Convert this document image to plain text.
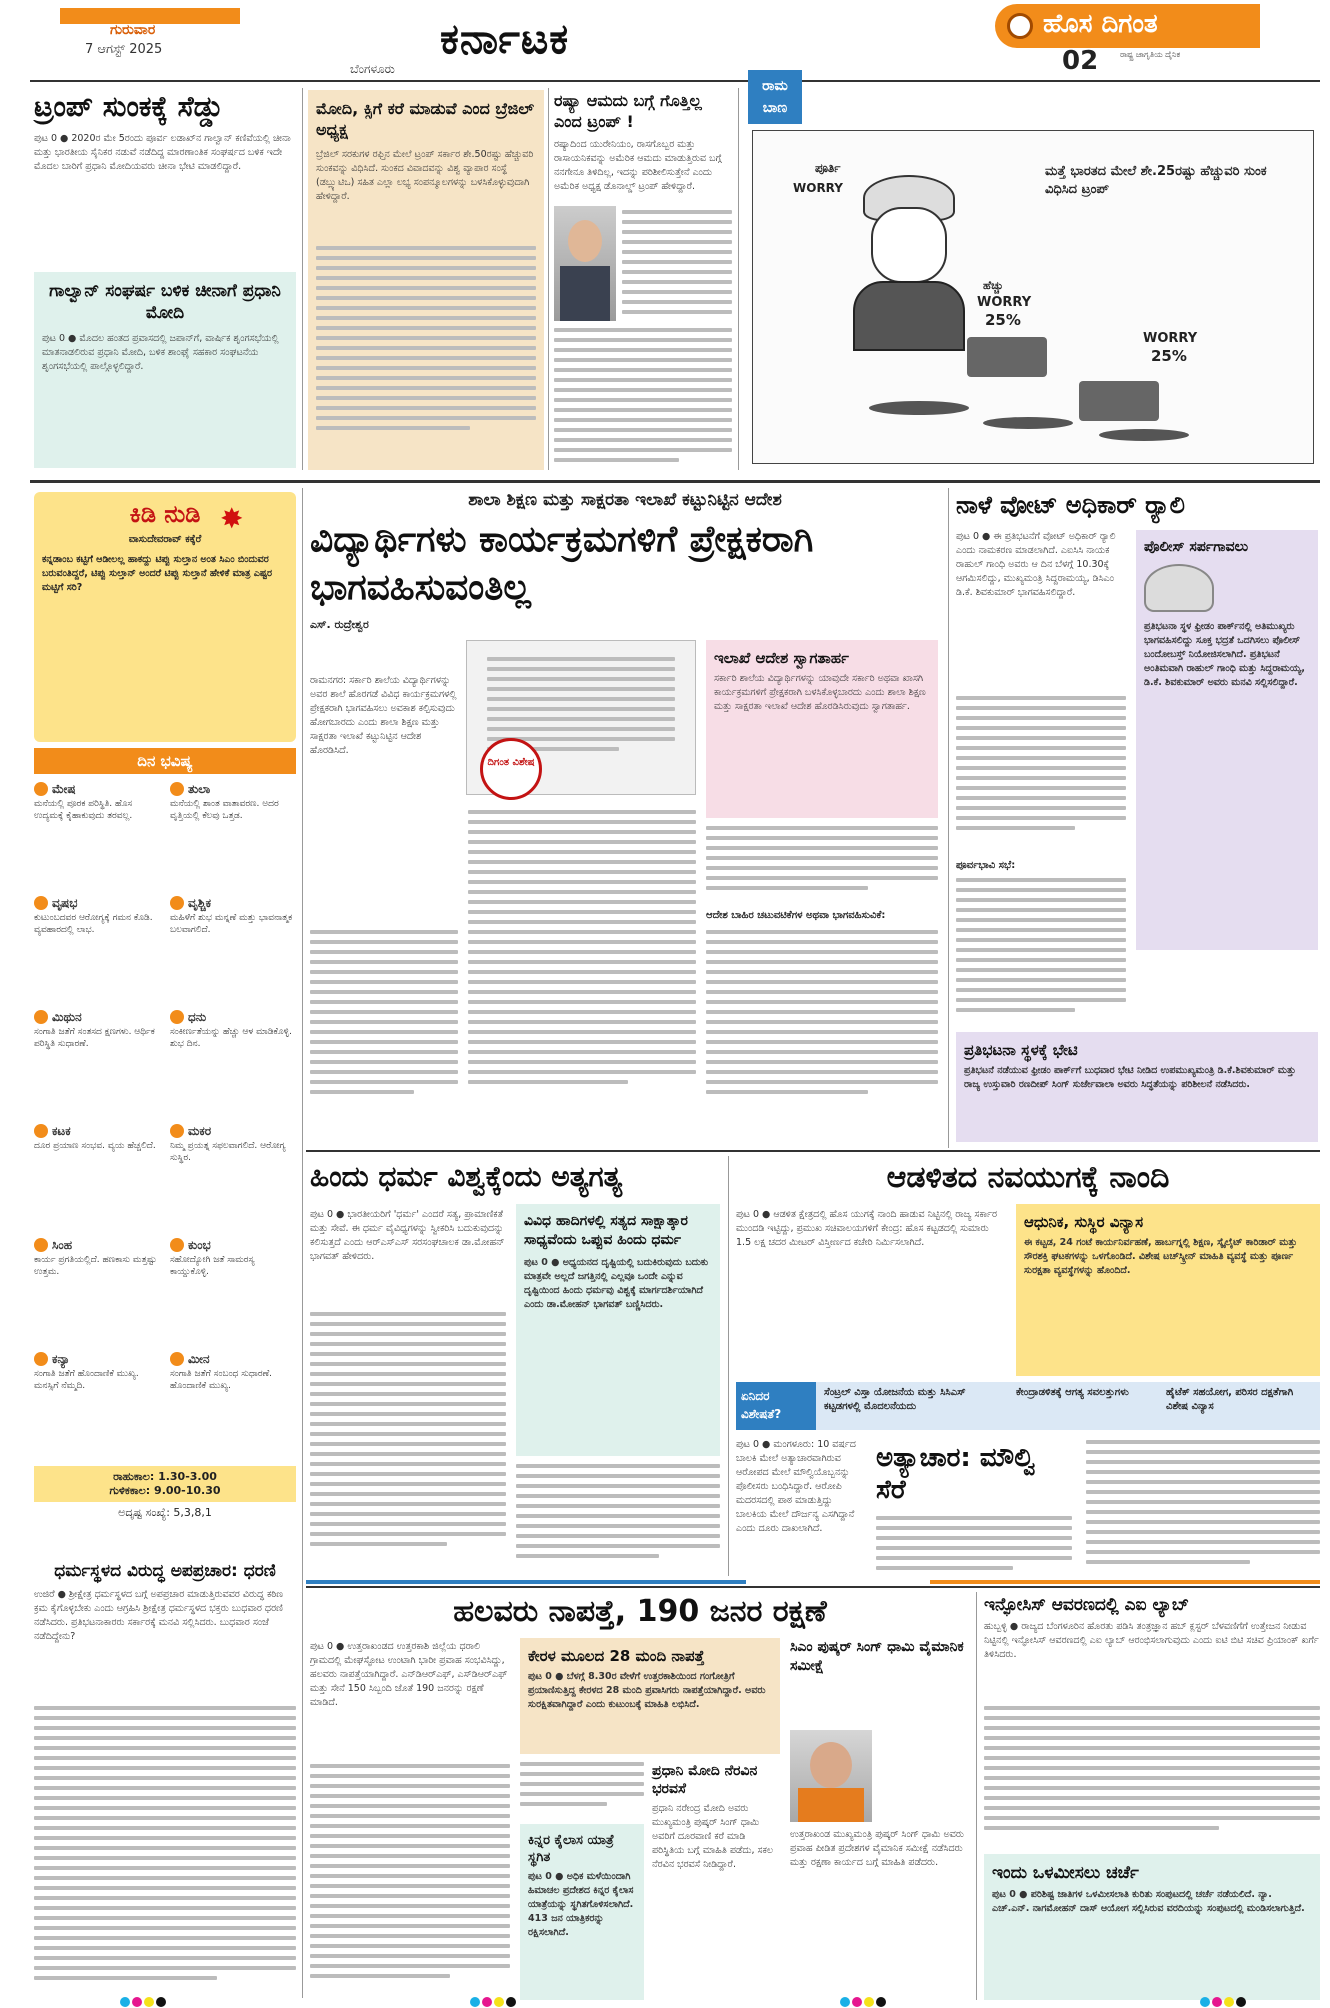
ಗುರುವಾರ
7 ಆಗಸ್ಟ್ 2025
ಬೆಂಗಳೂರು
ಕರ್ನಾಟಕ	ಹೊಸ ದಿಗಂತ
ರಾಷ್ಟ್ರ ಜಾಗೃತಿಯ ದೈನಿಕ
02
ಟ್ರಂಪ್ ಸುಂಕಕ್ಕೆ ಸೆಡ್ಡು
ಪುಟ 0 ● 2020ರ ಮೇ 5ರಂದು ಪೂರ್ವ ಲಡಾಖ್‌ನ ಗಾಲ್ವಾನ್ ಕಣಿವೆಯಲ್ಲಿ ಚೀನಾ ಮತ್ತು ಭಾರತೀಯ ಸೈನಿಕರ ನಡುವೆ ನಡೆದಿದ್ದ ಮಾರಣಾಂತಿಕ ಸಂಘರ್ಷದ ಬಳಿಕ ಇದೇ ಮೊದಲ ಬಾರಿಗೆ ಪ್ರಧಾನಿ ಮೋದಿಯವರು ಚೀನಾ ಭೇಟಿ ಮಾಡಲಿದ್ದಾರೆ.
ಗಾಲ್ವಾನ್ ಸಂಘರ್ಷ ಬಳಿಕ ಚೀನಾಗೆ ಪ್ರಧಾನಿ ಮೋದಿ
ಪುಟ 0 ● ಮೊದಲ ಹಂತದ ಪ್ರವಾಸದಲ್ಲಿ ಜಪಾನ್‌ಗೆ, ವಾರ್ಷಿಕ ಶೃಂಗಸಭೆಯಲ್ಲಿ ಮಾತನಾಡಲಿರುವ ಪ್ರಧಾನಿ ಮೋದಿ, ಬಳಿಕ ಶಾಂಘೈ ಸಹಕಾರ ಸಂಘಟನೆಯ ಶೃಂಗಸಭೆಯಲ್ಲಿ ಪಾಲ್ಗೊಳ್ಳಲಿದ್ದಾರೆ.
ಮೋದಿ, ಕ್ಸಿಗೆ ಕರೆ ಮಾಡುವೆ ಎಂದ ಬ್ರೆಜಿಲ್ ಅಧ್ಯಕ್ಷ
ಬ್ರೆಜಿಲ್ ಸರಕುಗಳ ರಫ್ತಿನ ಮೇಲೆ ಟ್ರಂಪ್ ಸರ್ಕಾರ ಶೇ.50ರಷ್ಟು ಹೆಚ್ಚುವರಿ ಸುಂಕವನ್ನು ವಿಧಿಸಿದೆ. ಸುಂಕದ ವಿವಾದವನ್ನು ವಿಶ್ವ ವ್ಯಾಪಾರ ಸಂಸ್ಥೆ (ಡಬ್ಲ್ಯುಟಿಒ) ಸಹಿತ ಎಲ್ಲಾ ಲಭ್ಯ ಸಂಪನ್ಮೂಲಗಳನ್ನು ಬಳಸಿಕೊಳ್ಳುವುದಾಗಿ ಹೇಳಿದ್ದಾರೆ.
ರಷ್ಯಾ ಆಮದು ಬಗ್ಗೆ ಗೊತ್ತಿಲ್ಲ ಎಂದ ಟ್ರಂಪ್ !
ರಷ್ಯಾದಿಂದ ಯುರೇನಿಯಂ, ರಾಸಗೊಬ್ಬರ ಮತ್ತು ರಾಸಾಯನಿಕವನ್ನು ಅಮೆರಿಕ ಆಮದು ಮಾಡುತ್ತಿರುವ ಬಗ್ಗೆ ನನಗೇನೂ ತಿಳಿದಿಲ್ಲ, ಇದನ್ನು ಪರಿಶೀಲಿಸುತ್ತೇನೆ ಎಂದು ಅಮೆರಿಕ ಅಧ್ಯಕ್ಷ ಡೊನಾಲ್ಡ್ ಟ್ರಂಪ್ ಹೇಳಿದ್ದಾರೆ.
ರಾಮ ಬಾಣ
ಮತ್ತೆ ಭಾರತದ ಮೇಲೆ ಶೇ.25ರಷ್ಟು ಹೆಚ್ಚುವರಿ ಸುಂಕ ವಿಧಿಸಿದ ಟ್ರಂಪ್
ಪೂರ್ತಿ
WORRY
ಹೆಚ್ಚು
WORRY
25%
WORRY
25%
ಕಿಡಿ ನುಡಿ ✸
ವಾಸುದೇವರಾವ್ ಕಕ್ಕೆರೆ
ಕನ್ನಡಾಂಬ ಕಟ್ಟಿಗೆ ಆಡೀಲಲ್ಲ ಹಾಕದ್ದು ಟಿಪ್ಪು ಸುಲ್ತಾನ ಅಂತ ಸಿಎಂ ಬಿಂದುವರ ಬರುವಂತಿದ್ದರೆ, ಟಿಪ್ಪು ಸುಲ್ತಾನ್ ಅಂದರೆ ಟಿಪ್ಪು ಸುಲ್ತಾನೆ ಹೇಳಿಕೆ ಮಾತ್ರ ಎಷ್ಟರ ಮಟ್ಟಿಗೆ ಸರಿ?
ದಿನ ಭವಿಷ್ಯ
ಮೇಷ
ಮನೆಯಲ್ಲಿ ಪೂರಕ ಪರಿಸ್ಥಿತಿ. ಹೊಸ ಉದ್ಯಮಕ್ಕೆ ಕೈಹಾಕುವುದು ತರವಲ್ಲ.
ತುಲಾ
ಮನೆಯಲ್ಲಿ ಶಾಂತ ವಾತಾವರಣ. ಅದರ ವೃತ್ತಿಯಲ್ಲಿ ಕೆಲವು ಒತ್ತಡ.
ವೃಷಭ
ಕುಟುಂಬದವರ ಆರೋಗ್ಯಕ್ಕೆ ಗಮನ ಕೊಡಿ. ವ್ಯವಹಾರದಲ್ಲಿ ಲಾಭ.
ವೃಶ್ಚಿಕ
ಮಹಿಳೆಗೆ ಶುಭ ಮನ್ನಣೆ ಮತ್ತು ಭಾವನಾತ್ಮಕ ಬಲವಾಗಲಿದೆ.
ಮಿಥುನ
ಸಂಗಾತಿ ಜತೆಗೆ ಸಂತಸದ ಕ್ಷಣಗಳು. ಆರ್ಥಿಕ ಪರಿಸ್ಥಿತಿ ಸುಧಾರಣೆ.
ಧನು
ಸಂಕೀರ್ಣತೆಯನ್ನು ಹೆಚ್ಚು ಆಳ ಮಾಡಿಕೊಳ್ಳಿ. ಶುಭ ದಿನ.
ಕಟಕ
ದೂರ ಪ್ರಯಾಣ ಸಂಭವ. ವ್ಯಯ ಹೆಚ್ಚಲಿದೆ.
ಮಕರ
ನಿಮ್ಮ ಪ್ರಯತ್ನ ಸಫಲವಾಗಲಿದೆ. ಆರೋಗ್ಯ ಸುಸ್ಥಿರ.
ಸಿಂಹ
ಕಾರ್ಯ ಪ್ರಗತಿಯಲ್ಲಿದೆ. ಹಣಕಾಸು ಮತ್ತಷ್ಟು ಉತ್ತಮ.
ಕುಂಭ
ಸಹೋದ್ಯೋಗಿ ಜತೆ ಸಾಮರಸ್ಯ ಕಾಯ್ದುಕೊಳ್ಳಿ.
ಕನ್ಯಾ
ಸಂಗಾತಿ ಜತೆಗೆ ಹೊಂದಾಣಿಕೆ ಮುಖ್ಯ. ಮನಸ್ಸಿಗೆ ನೆಮ್ಮದಿ.
ಮೀನ
ಸಂಗಾತಿ ಜತೆಗೆ ಸಂಬಂಧ ಸುಧಾರಣೆ. ಹೊಂದಾಣಿಕೆ ಮುಖ್ಯ.
ರಾಹುಕಾಲ: 1.30-3.00
ಗುಳಿಕಕಾಲ: 9.00-10.30
ಅದೃಷ್ಟ ಸಂಖ್ಯೆ: 5,3,8,1
ಧರ್ಮಸ್ಥಳದ ವಿರುದ್ಧ ಅಪಪ್ರಚಾರ: ಧರಣಿ
ಉಜಿರೆ ● ಶ್ರೀಕ್ಷೇತ್ರ ಧರ್ಮಸ್ಥಳದ ಬಗ್ಗೆ ಅಪಪ್ರಚಾರ ಮಾಡುತ್ತಿರುವವರ ವಿರುದ್ಧ ಕಠಿಣ ಕ್ರಮ ಕೈಗೊಳ್ಳಬೇಕು ಎಂದು ಆಗ್ರಹಿಸಿ ಶ್ರೀಕ್ಷೇತ್ರ ಧರ್ಮಸ್ಥಳದ ಭಕ್ತರು ಬುಧವಾರ ಧರಣಿ ನಡೆಸಿದರು. ಪ್ರತಿಭಟನಾಕಾರರು ಸರ್ಕಾರಕ್ಕೆ ಮನವಿ ಸಲ್ಲಿಸಿದರು. ಬುಧವಾರ ಸಂಜೆ ನಡೆದಿದ್ದೇನು?
ಶಾಲಾ ಶಿಕ್ಷಣ ಮತ್ತು ಸಾಕ್ಷರತಾ ಇಲಾಖೆ ಕಟ್ಟುನಿಟ್ಟಿನ ಆದೇಶ
ವಿದ್ಯಾರ್ಥಿಗಳು ಕಾರ್ಯಕ್ರಮಗಳಿಗೆ ಪ್ರೇಕ್ಷಕರಾಗಿ ಭಾಗವಹಿಸುವಂತಿಲ್ಲ
ಎಸ್. ರುದ್ರೇಶ್ವರ
ರಾಮನಗರ: ಸರ್ಕಾರಿ ಶಾಲೆಯ ವಿದ್ಯಾರ್ಥಿಗಳನ್ನು ಅವರ ಶಾಲೆ ಹೊರಗಡೆ ವಿವಿಧ ಕಾರ್ಯಕ್ರಮಗಳಲ್ಲಿ ಪ್ರೇಕ್ಷಕರಾಗಿ ಭಾಗವಹಿಸಲು ಅವಕಾಶ ಕಲ್ಪಿಸುವುದು ಹೋಗಬಾರದು ಎಂದು ಶಾಲಾ ಶಿಕ್ಷಣ ಮತ್ತು ಸಾಕ್ಷರತಾ ಇಲಾಖೆ ಕಟ್ಟುನಿಟ್ಟಿನ ಆದೇಶ ಹೊರಡಿಸಿದೆ.
ದಿಗಂತ ವಿಶೇಷ
ಇಲಾಖೆ ಆದೇಶ ಸ್ವಾಗತಾರ್ಹ
ಸರ್ಕಾರಿ ಶಾಲೆಯ ವಿದ್ಯಾರ್ಥಿಗಳನ್ನು ಯಾವುದೇ ಸರ್ಕಾರಿ ಅಥವಾ ಖಾಸಗಿ ಕಾರ್ಯಕ್ರಮಗಳಿಗೆ ಪ್ರೇಕ್ಷಕರಾಗಿ ಬಳಸಿಕೊಳ್ಳಬಾರದು ಎಂದು ಶಾಲಾ ಶಿಕ್ಷಣ ಮತ್ತು ಸಾಕ್ಷರತಾ ಇಲಾಖೆ ಆದೇಶ ಹೊರಡಿಸಿರುವುದು ಸ್ವಾಗತಾರ್ಹ.
ಆದೇಶ ಬಾಹಿರ ಚಟುವಟಿಕೆಗಳ ಅಥವಾ ಭಾಗವಹಿಸುವಿಕೆ:
ನಾಳೆ ವೋಟ್ ಅಧಿಕಾರ್ ರ‍್ಯಾಲಿ
ಪುಟ 0 ● ಈ ಪ್ರತಿಭಟನೆಗೆ ವೋಟ್ ಅಧಿಕಾರ್ ರ‍್ಯಾಲಿ ಎಂದು ನಾಮಕರಣ ಮಾಡಲಾಗಿದೆ. ಎಐಸಿಸಿ ನಾಯಕ ರಾಹುಲ್ ಗಾಂಧಿ ಅವರು ಆ ದಿನ ಬೆಳಗ್ಗೆ 10.30ಕ್ಕೆ ಆಗಮಿಸಲಿದ್ದು, ಮುಖ್ಯಮಂತ್ರಿ ಸಿದ್ದರಾಮಯ್ಯ, ಡಿಸಿಎಂ ಡಿ.ಕೆ. ಶಿವಕುಮಾರ್ ಭಾಗವಹಿಸಲಿದ್ದಾರೆ.
ಪೊಲೀಸ್ ಸರ್ಪಗಾವಲು
ಪ್ರತಿಭಟನಾ ಸ್ಥಳ ಫ್ರೀಡಂ ಪಾರ್ಕ್‌ನಲ್ಲಿ ಅತಿಮುಖ್ಯರು ಭಾಗವಹಿಸಲಿದ್ದು ಸೂಕ್ತ ಭದ್ರತೆ ಒದಗಿಸಲು ಪೊಲೀಸ್ ಬಂದೋಬಸ್ತ್ ನಿಯೋಜಿಸಲಾಗಿದೆ. ಪ್ರತಿಭಟನೆ ಅಂತಿಮವಾಗಿ ರಾಹುಲ್ ಗಾಂಧಿ ಮತ್ತು ಸಿದ್ದರಾಮಯ್ಯ, ಡಿ.ಕೆ. ಶಿವಕುಮಾರ್ ಅವರು ಮನವಿ ಸಲ್ಲಿಸಲಿದ್ದಾರೆ.
ಪೂರ್ವಭಾವಿ ಸಭೆ:
ಪ್ರತಿಭಟನಾ ಸ್ಥಳಕ್ಕೆ ಭೇಟಿ
ಪ್ರತಿಭಟನೆ ನಡೆಯುವ ಫ್ರೀಡಂ ಪಾರ್ಕ್‌ಗೆ ಬುಧವಾರ ಭೇಟಿ ನೀಡಿದ ಉಪಮುಖ್ಯಮಂತ್ರಿ ಡಿ.ಕೆ.ಶಿವಕುಮಾರ್ ಮತ್ತು ರಾಜ್ಯ ಉಸ್ತುವಾರಿ ರಣದೀಪ್ ಸಿಂಗ್ ಸುರ್ಜೇವಾಲಾ ಅವರು ಸಿದ್ಧತೆಯನ್ನು ಪರಿಶೀಲನೆ ನಡೆಸಿದರು.
ಹಿಂದು ಧರ್ಮ ವಿಶ್ವಕ್ಕೆಂದು ಅತ್ಯಗತ್ಯ
ಪುಟ 0 ● ಭಾರತೀಯರಿಗೆ 'ಧರ್ಮ' ಎಂದರೆ ಸತ್ಯ, ಪ್ರಾಮಾಣಿಕತೆ ಮತ್ತು ಸೇವೆ. ಈ ಧರ್ಮ ವೈವಿಧ್ಯಗಳನ್ನು ಸ್ವೀಕರಿಸಿ ಬದುಕುವುದನ್ನು ಕಲಿಸುತ್ತದೆ ಎಂದು ಆರ್‌ಎಸ್‌ಎಸ್ ಸರಸಂಘಚಾಲಕ ಡಾ.ಮೋಹನ್ ಭಾಗವತ್ ಹೇಳಿದರು.
ವಿವಿಧ ಹಾದಿಗಳಲ್ಲಿ ಸತ್ಯದ ಸಾಕ್ಷಾತ್ಕಾರ ಸಾಧ್ಯವೆಂದು ಒಪ್ಪುವ ಹಿಂದು ಧರ್ಮ
ಪುಟ 0 ● ಅಧ್ಯಯನದ ದೃಷ್ಟಿಯಲ್ಲಿ ಬದುಕಿರುವುದು ಬದುಕು ಮಾತ್ರವೇ ಅಲ್ಲದೆ ಜಗತ್ತಿನಲ್ಲಿ ಎಲ್ಲವೂ ಒಂದೇ ಎನ್ನುವ ದೃಷ್ಟಿಯಿಂದ ಹಿಂದು ಧರ್ಮವು ವಿಶ್ವಕ್ಕೆ ಮಾರ್ಗದರ್ಶಿಯಾಗಿದೆ ಎಂದು ಡಾ.ಮೋಹನ್ ಭಾಗವತ್ ಬಣ್ಣಿಸಿದರು.
ಆಡಳಿತದ ನವಯುಗಕ್ಕೆ ನಾಂದಿ
ಪುಟ 0 ● ಆಡಳಿತ ಕ್ಷೇತ್ರದಲ್ಲಿ ಹೊಸ ಯುಗಕ್ಕೆ ನಾಂದಿ ಹಾಡುವ ನಿಟ್ಟಿನಲ್ಲಿ ರಾಜ್ಯ ಸರ್ಕಾರ ಮುಂದಡಿ ಇಟ್ಟಿದ್ದು, ಪ್ರಮುಖ ಸಚಿವಾಲಯಗಳಿಗೆ ಕೇಂದ್ರ: ಹೊಸ ಕಟ್ಟಡದಲ್ಲಿ ಸುಮಾರು 1.5 ಲಕ್ಷ ಚದರ ಮೀಟರ್ ವಿಸ್ತೀರ್ಣದ ಕಚೇರಿ ನಿರ್ಮಿಸಲಾಗಿದೆ.
ಆಧುನಿಕ, ಸುಸ್ಥಿರ ವಿನ್ಯಾಸ
ಈ ಕಟ್ಟಡ, 24 ಗಂಟೆ ಕಾರ್ಯನಿರ್ವಹಣೆ, ಹಾರ್ಬಗ್ನಲ್ಲಿ ಶಿಕ್ಷಣ, ಸ್ಕೈಲೈಟ್ ಕಾರಿಡಾರ್ ಮತ್ತು ಸೌರಶಕ್ತಿ ಘಟಕಗಳನ್ನು ಒಳಗೊಂಡಿದೆ. ವಿಶೇಷ ಟಚ್‌ಸ್ಕ್ರೀನ್ ಮಾಹಿತಿ ವ್ಯವಸ್ಥೆ ಮತ್ತು ಪೂರ್ಣ ಸುರಕ್ಷತಾ ವ್ಯವಸ್ಥೆಗಳನ್ನು ಹೊಂದಿದೆ.
ಏನಿದರ ವಿಶೇಷತೆ?
ಸೆಂಟ್ರಲ್ ವಿಸ್ತಾ ಯೋಜನೆಯ ಮತ್ತು ಸಿಸಿಎಸ್ ಕಟ್ಟಡಗಳಲ್ಲಿ ಮೊದಲನೆಯದು
ಕೇಂದ್ರಾಡಳಿತಕ್ಕೆ ಆಗತ್ಯ ಸವಲತ್ತುಗಳು	ಹೈಟೆಕ್ ಸಹಯೋಗ, ಪರಿಸರ ದಕ್ಷತೆಗಾಗಿ ವಿಶೇಷ ವಿನ್ಯಾಸ
ಪುಟ 0 ● ಮಂಗಳೂರು: 10 ವರ್ಷದ ಬಾಲಕಿ ಮೇಲೆ ಅತ್ಯಾಚಾರವಾಗಿರುವ ಆರೋಪದ ಮೇಲೆ ಮೌಲ್ವಿಯೊಬ್ಬನನ್ನು ಪೊಲೀಸರು ಬಂಧಿಸಿದ್ದಾರೆ. ಆರೋಪಿ ಮದರಸದಲ್ಲಿ ಪಾಠ ಮಾಡುತ್ತಿದ್ದು ಬಾಲಕಿಯ ಮೇಲೆ ದೌರ್ಜನ್ಯ ಎಸಗಿದ್ದಾನೆ ಎಂದು ದೂರು ದಾಖಲಾಗಿದೆ.
ಅತ್ಯಾಚಾರ: ಮೌಲ್ವಿ ಸೆರೆ
ಹಲವರು ನಾಪತ್ತೆ, 190 ಜನರ ರಕ್ಷಣೆ
ಪುಟ 0 ● ಉತ್ತರಾಖಂಡದ ಉತ್ತರಕಾಶಿ ಜಿಲ್ಲೆಯ ಧರಾಲಿ ಗ್ರಾಮದಲ್ಲಿ ಮೇಘಸ್ಫೋಟ ಉಂಟಾಗಿ ಭಾರೀ ಪ್ರವಾಹ ಸಂಭವಿಸಿದ್ದು, ಹಲವರು ನಾಪತ್ತೆಯಾಗಿದ್ದಾರೆ. ಎನ್‌ಡಿಆರ್‌ಎಫ್, ಎಸ್‌ಡಿಆರ್‌ಎಫ್ ಮತ್ತು ಸೇನೆ 150 ಸಿಬ್ಬಂದಿ ಜೊತೆ 190 ಜನರನ್ನು ರಕ್ಷಣೆ ಮಾಡಿದೆ.
ಕೇರಳ ಮೂಲದ 28 ಮಂದಿ ನಾಪತ್ತೆ
ಪುಟ 0 ● ಬೆಳಗ್ಗೆ 8.30ರ ವೇಳೆಗೆ ಉತ್ತರಕಾಶಿಯಿಂದ ಗಂಗೋತ್ರಿಗೆ ಪ್ರಯಾಣಿಸುತ್ತಿದ್ದ ಕೇರಳದ 28 ಮಂದಿ ಪ್ರವಾಸಿಗರು ನಾಪತ್ತೆಯಾಗಿದ್ದಾರೆ. ಅವರು ಸುರಕ್ಷಿತವಾಗಿದ್ದಾರೆ ಎಂದು ಕುಟುಂಬಕ್ಕೆ ಮಾಹಿತಿ ಲಭಿಸಿದೆ.
ಕಿನ್ನರ ಕೈಲಾಸ ಯಾತ್ರೆ ಸ್ಥಗಿತ
ಪುಟ 0 ● ಅಧಿಕ ಮಳೆಯಿಂದಾಗಿ ಹಿಮಾಚಲ ಪ್ರದೇಶದ ಕಿನ್ನರ ಕೈಲಾಸ ಯಾತ್ರೆಯನ್ನು ಸ್ಥಗಿತಗೊಳಿಸಲಾಗಿದೆ. 413 ಜನ ಯಾತ್ರಿಕರನ್ನು ರಕ್ಷಿಸಲಾಗಿದೆ.
ಪ್ರಧಾನಿ ಮೋದಿ ನೆರವಿನ ಭರವಸೆ
ಪ್ರಧಾನಿ ನರೇಂದ್ರ ಮೋದಿ ಅವರು ಮುಖ್ಯಮಂತ್ರಿ ಪುಷ್ಕರ್ ಸಿಂಗ್ ಧಾಮಿ ಅವರಿಗೆ ದೂರವಾಣಿ ಕರೆ ಮಾಡಿ ಪರಿಸ್ಥಿತಿಯ ಬಗ್ಗೆ ಮಾಹಿತಿ ಪಡೆದು, ಸಕಲ ನೆರವಿನ ಭರವಸೆ ನೀಡಿದ್ದಾರೆ.
ಸಿಎಂ ಪುಷ್ಕರ್ ಸಿಂಗ್ ಧಾಮಿ ವೈಮಾನಿಕ ಸಮೀಕ್ಷೆ
ಉತ್ತರಾಖಂಡ ಮುಖ್ಯಮಂತ್ರಿ ಪುಷ್ಕರ್ ಸಿಂಗ್ ಧಾಮಿ ಅವರು ಪ್ರವಾಹ ಪೀಡಿತ ಪ್ರದೇಶಗಳ ವೈಮಾನಿಕ ಸಮೀಕ್ಷೆ ನಡೆಸಿದರು ಮತ್ತು ರಕ್ಷಣಾ ಕಾರ್ಯದ ಬಗ್ಗೆ ಮಾಹಿತಿ ಪಡೆದರು.
ಇನ್ಫೋಸಿಸ್ ಆವರಣದಲ್ಲಿ ಎಐ ಲ್ಯಾಬ್
ಹುಬ್ಬಳ್ಳಿ ● ರಾಜ್ಯದ ಬೆಂಗಳೂರಿನ ಹೊರತು ಪಡಿಸಿ ತಂತ್ರಜ್ಞಾನ ಹಬ್ ಕ್ಲಸ್ಟರ್ ಬೆಳವಣಿಗೆಗೆ ಉತ್ತೇಜನ ನೀಡುವ ನಿಟ್ಟಿನಲ್ಲಿ ಇನ್ಫೋಸಿಸ್ ಆವರಣದಲ್ಲಿ ಎಐ ಲ್ಯಾಬ್ ಆರಂಭಿಸಲಾಗುವುದು ಎಂದು ಐಟಿ ಬಿಟಿ ಸಚಿವ ಪ್ರಿಯಾಂಕ್ ಖರ್ಗೆ ತಿಳಿಸಿದರು.
ಇಂದು ಒಳಮೀಸಲು ಚರ್ಚೆ
ಪುಟ 0 ● ಪರಿಶಿಷ್ಟ ಜಾತಿಗಳ ಒಳಮೀಸಲಾತಿ ಕುರಿತು ಸಂಪುಟದಲ್ಲಿ ಚರ್ಚೆ ನಡೆಯಲಿದೆ. ನ್ಯಾ. ಎಚ್.ಎನ್. ನಾಗಮೋಹನ್ ದಾಸ್ ಆಯೋಗ ಸಲ್ಲಿಸಿರುವ ವರದಿಯನ್ನು ಸಂಪುಟದಲ್ಲಿ ಮಂಡಿಸಲಾಗುತ್ತಿದೆ.
